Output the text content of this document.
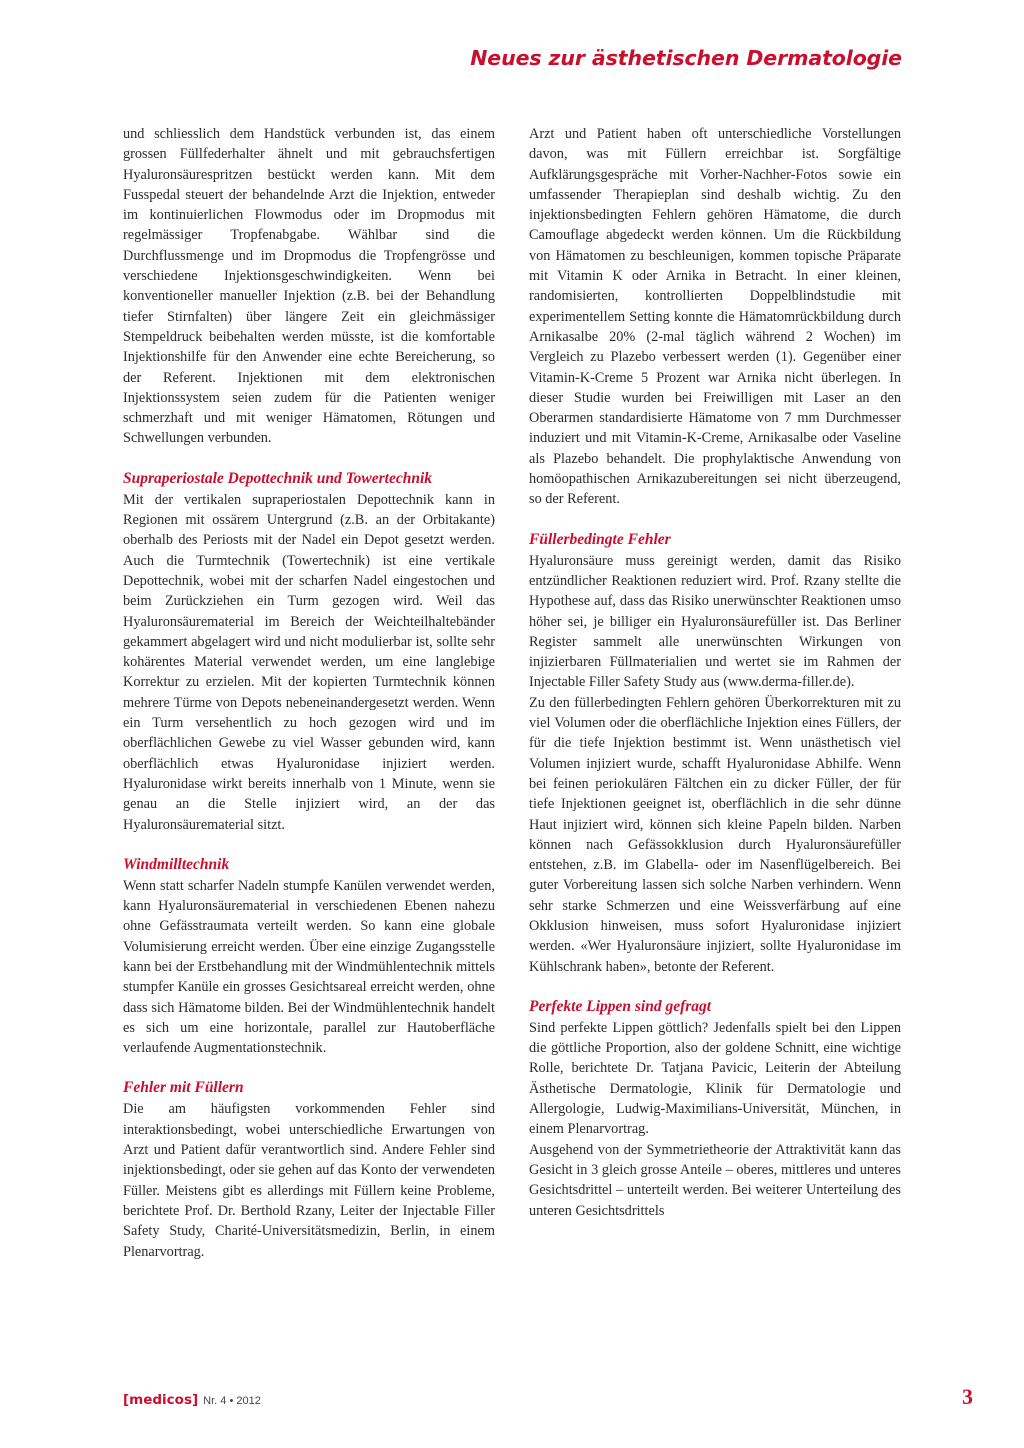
Neues zur ästhetischen Dermatologie

und schliesslich dem Handstück verbunden ist, das einem grossen Füllfederhalter ähnelt und mit gebrauchsfertigen Hyaluronsäurespritzen bestückt werden kann. Mit dem Fusspedal steuert der behandelnde Arzt die Injektion, entweder im kontinuierlichen Flowmodus oder im Dropmodus mit regelmässiger Tropfenabgabe. Wählbar sind die Durchflussmenge und im Dropmodus die Tropfengrösse und verschiedene Injektionsgeschwindigkeiten. Wenn bei konventioneller manueller Injektion (z.B. bei der Behandlung tiefer Stirnfalten) über längere Zeit ein gleichmässiger Stempeldruck beibehalten werden müsste, ist die komfortable Injektionshilfe für den Anwender eine echte Bereicherung, so der Referent. Injektionen mit dem elektronischen Injektionssystem seien zudem für die Patienten weniger schmerzhaft und mit weniger Hämatomen, Rötungen und Schwellungen verbunden.

Supraperiostale Depottechnik und Towertechnik

Mit der vertikalen supraperiostalen Depottechnik kann in Regionen mit ossärem Untergrund (z.B. an der Orbitakante) oberhalb des Periosts mit der Nadel ein Depot gesetzt werden. Auch die Turmtechnik (Towertechnik) ist eine vertikale Depottechnik, wobei mit der scharfen Nadel eingestochen und beim Zurückziehen ein Turm gezogen wird. Weil das Hyaluronsäurematerial im Bereich der Weichteilhaltebänder gekammert abgelagert wird und nicht modulierbar ist, sollte sehr kohärentes Material verwendet werden, um eine langlebige Korrektur zu erzielen. Mit der kopierten Turmtechnik können mehrere Türme von Depots nebeneinandergesetzt werden. Wenn ein Turm versehentlich zu hoch gezogen wird und im oberflächlichen Gewebe zu viel Wasser gebunden wird, kann oberflächlich etwas Hyaluronidase injiziert werden. Hyaluronidase wirkt bereits innerhalb von 1 Minute, wenn sie genau an die Stelle injiziert wird, an der das Hyaluronsäurematerial sitzt.

Windmilltechnik

Wenn statt scharfer Nadeln stumpfe Kanülen verwendet werden, kann Hyaluronsäurematerial in verschiedenen Ebenen nahezu ohne Gefässtraumata verteilt werden. So kann eine globale Volumisierung erreicht werden. Über eine einzige Zugangsstelle kann bei der Erstbehandlung mit der Windmühlentechnik mittels stumpfer Kanüle ein grosses Gesichtsareal erreicht werden, ohne dass sich Hämatome bilden. Bei der Windmühlentechnik handelt es sich um eine horizontale, parallel zur Hautoberfläche verlaufende Augmentationstechnik.

Fehler mit Füllern

Die am häufigsten vorkommenden Fehler sind interaktionsbedingt, wobei unterschiedliche Erwartungen von Arzt und Patient dafür verantwortlich sind. Andere Fehler sind injektionsbedingt, oder sie gehen auf das Konto der verwendeten Füller. Meistens gibt es allerdings mit Füllern keine Probleme, berichtete Prof. Dr. Berthold Rzany, Leiter der Injectable Filler Safety Study, Charité-Universitätsmedizin, Berlin, in einem Plenarvortrag.

Arzt und Patient haben oft unterschiedliche Vorstellungen davon, was mit Füllern erreichbar ist. Sorgfältige Aufklärungsgespräche mit Vorher-Nachher-Fotos sowie ein umfassender Therapieplan sind deshalb wichtig. Zu den injektionsbedingten Fehlern gehören Hämatome, die durch Camouflage abgedeckt werden können. Um die Rückbildung von Hämatomen zu beschleunigen, kommen topische Präparate mit Vitamin K oder Arnika in Betracht. In einer kleinen, randomisierten, kontrollierten Doppelblindstudie mit experimentellem Setting konnte die Hämatomrückbildung durch Arnikasalbe 20% (2-mal täglich während 2 Wochen) im Vergleich zu Plazebo verbessert werden (1). Gegenüber einer Vitamin-K-Creme 5 Prozent war Arnika nicht überlegen. In dieser Studie wurden bei Freiwilligen mit Laser an den Oberarmen standardisierte Hämatome von 7 mm Durchmesser induziert und mit Vitamin-K-Creme, Arnikasalbe oder Vaseline als Plazebo behandelt. Die prophylaktische Anwendung von homöopathischen Arnikazubereitungen sei nicht überzeugend, so der Referent.

Füllerbedingte Fehler

Hyaluronsäure muss gereinigt werden, damit das Risiko entzündlicher Reaktionen reduziert wird. Prof. Rzany stellte die Hypothese auf, dass das Risiko unerwünschter Reaktionen umso höher sei, je billiger ein Hyaluronsäurefüller ist. Das Berliner Register sammelt alle unerwünschten Wirkungen von injizierbaren Füllmaterialien und wertet sie im Rahmen der Injectable Filler Safety Study aus (www.derma-filler.de).

Zu den füllerbedingten Fehlern gehören Überkorrekturen mit zu viel Volumen oder die oberflächliche Injektion eines Füllers, der für die tiefe Injektion bestimmt ist. Wenn unästhetisch viel Volumen injiziert wurde, schafft Hyaluronidase Abhilfe. Wenn bei feinen periokulären Fältchen ein zu dicker Füller, der für tiefe Injektionen geeignet ist, oberflächlich in die sehr dünne Haut injiziert wird, können sich kleine Papeln bilden. Narben können nach Gefässokklusion durch Hyaluronsäurefüller entstehen, z.B. im Glabella- oder im Nasenflügelbereich. Bei guter Vorbereitung lassen sich solche Narben verhindern. Wenn sehr starke Schmerzen und eine Weissverfärbung auf eine Okklusion hinweisen, muss sofort Hyaluronidase injiziert werden. «Wer Hyaluronsäure injiziert, sollte Hyaluronidase im Kühlschrank haben», betonte der Referent.

Perfekte Lippen sind gefragt

Sind perfekte Lippen göttlich? Jedenfalls spielt bei den Lippen die göttliche Proportion, also der goldene Schnitt, eine wichtige Rolle, berichtete Dr. Tatjana Pavicic, Leiterin der Abteilung Ästhetische Dermatologie, Klinik für Dermatologie und Allergologie, Ludwig-Maximilians-Universität, München, in einem Plenarvortrag.

Ausgehend von der Symmetrietheorie der Attraktivität kann das Gesicht in 3 gleich grosse Anteile – oberes, mittleres und unteres Gesichtsdrittel – unterteilt werden. Bei weiterer Unterteilung des unteren Gesichtsdrittels

[medicos] Nr. 4 • 2012	3
